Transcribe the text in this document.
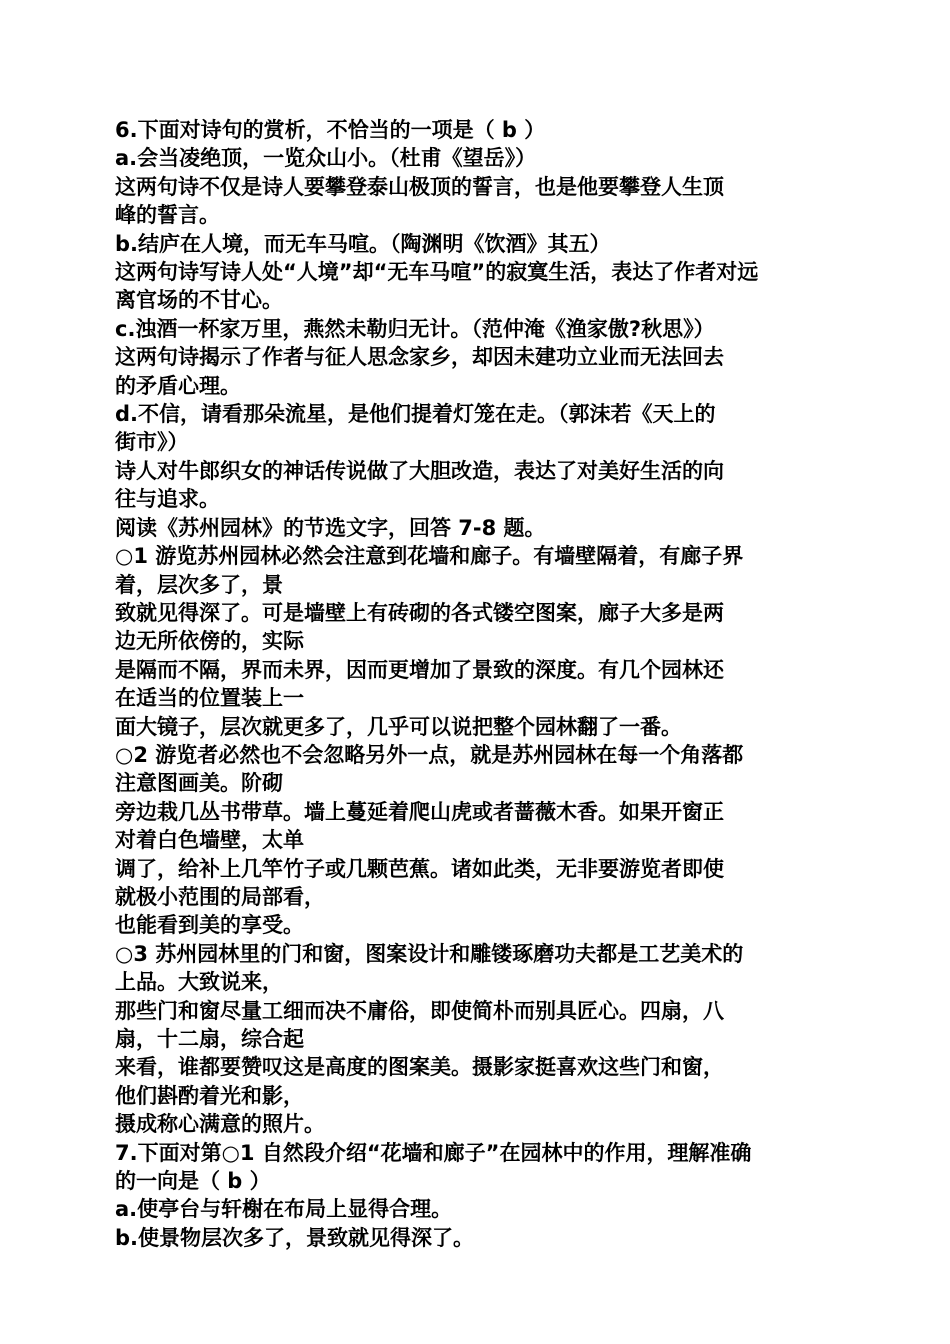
6.下面对诗句的赏析，不恰当的一项是（ b ）
a.会当凌绝顶，一览众山小。（杜甫《望岳》）
这两句诗不仅是诗人要攀登泰山极顶的誓言，也是他要攀登人生顶
峰的誓言。
b.结庐在人境，而无车马喧。（陶渊明《饮酒》其五）
这两句诗写诗人处“人境”却“无车马喧”的寂寞生活，表达了作者对远
离官场的不甘心。
c.浊酒一杯家万里，燕然未勒归无计。（范仲淹《渔家傲?秋思》）
这两句诗揭示了作者与征人思念家乡，却因未建功立业而无法回去
的矛盾心理。
d.不信，请看那朵流星，是他们提着灯笼在走。（郭沫若《天上的
街市》）
诗人对牛郎织女的神话传说做了大胆改造，表达了对美好生活的向
往与追求。
阅读《苏州园林》的节选文字，回答 7-8 题。
○1 游览苏州园林必然会注意到花墙和廊子。有墙壁隔着，有廊子界
着，层次多了，景
致就见得深了。可是墙壁上有砖砌的各式镂空图案，廊子大多是两
边无所依傍的，实际
是隔而不隔，界而未界，因而更增加了景致的深度。有几个园林还
在适当的位置装上一
面大镜子，层次就更多了，几乎可以说把整个园林翻了一番。
○2 游览者必然也不会忽略另外一点，就是苏州园林在每一个角落都
注意图画美。阶砌
旁边栽几丛书带草。墙上蔓延着爬山虎或者蔷薇木香。如果开窗正
对着白色墙壁，太单
调了，给补上几竿竹子或几颗芭蕉。诸如此类，无非要游览者即使
就极小范围的局部看，
也能看到美的享受。
○3 苏州园林里的门和窗，图案设计和雕镂琢磨功夫都是工艺美术的
上品。大致说来，
那些门和窗尽量工细而决不庸俗，即使简朴而别具匠心。四扇，八
扇，十二扇，综合起
来看，谁都要赞叹这是高度的图案美。摄影家挺喜欢这些门和窗，
他们斟酌着光和影，
摄成称心满意的照片。
7.下面对第○1 自然段介绍“花墙和廊子”在园林中的作用，理解准确
的一向是（ b ）
a.使亭台与轩榭在布局上显得合理。
b.使景物层次多了，景致就见得深了。
